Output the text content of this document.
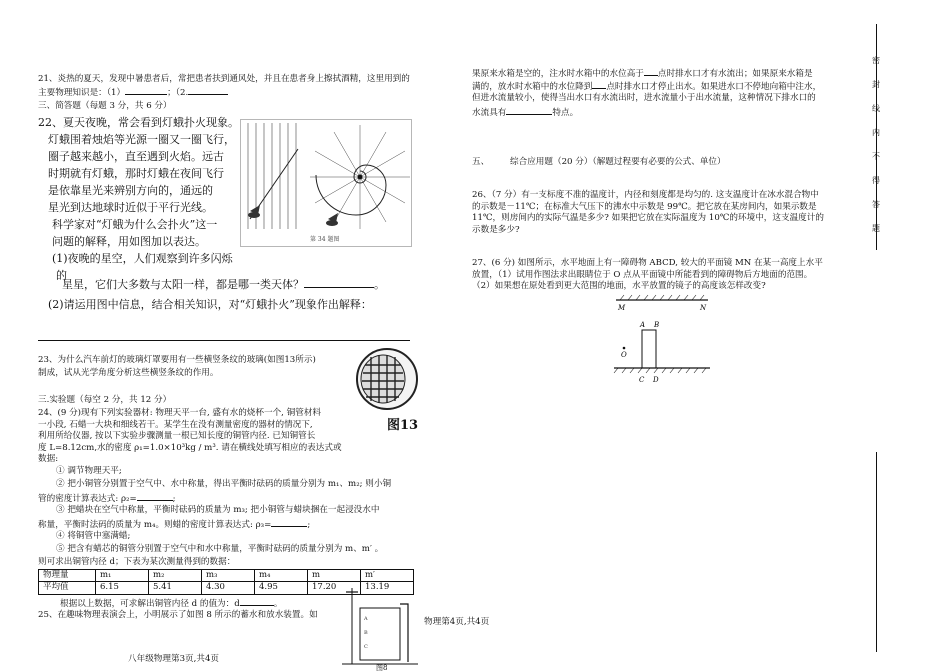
21、炎热的夏天，发现中暑患者后，常把患者扶到通风处，并且在患者身上擦拭酒精，这里用到的主要物理知识是：（1）	；（2.
三、简答题（每题 3 分，共 6 分）
22、夏天夜晚，常会看到灯蛾扑火现象。
灯蛾围着烛焰等光源一圈又一圈飞行，
圈子越来越小，直至遇到火焰。远古
时期就有灯蛾，那时灯蛾在夜间飞行
是依靠星光来辨别方向的，通远的
星光到达地球时近似于平行光线。
科学家对“灯蛾为什么会扑火”这一
问题的解释，用如图加以表达。
(1)夜晚的星空，人们观察到许多闪烁
的
星星，它们大多数与太阳一样，都是哪一类天体？	。
(2)请运用图中信息，结合相关知识，对“灯蛾扑火”现象作出解释：
第 34 题图
23、为什么汽车前灯的玻璃灯罩要用有一些横竖条纹的玻璃(如图13所示)
制成，试从光学角度分析这些横竖条纹的作用。
图13
三.实验题（每空 2 分，共 12 分）
24、(9 分)现有下列实验器材: 物理天平一台, 盛有水的烧杯一个, 铜管材料
一小段, 石蜡一大块和细线若干。某学生在没有测量密度的器材的情况下,
利用所给仪器, 按以下实验步骤测量一根已知长度的铜管内径. 已知铜管长
度 L=8.12cm,水的密度 ρ₁=1.0×10³kg / m³. 请在横线处填写相应的表达式或
数据:
① 调节物理天平;
② 把小铜管分别置于空气中、水中称量，得出平衡时砝码的质量分别为 m₁、m₂; 则小铜
管的密度计算表达式: ρ₂=	;
③ 把蜡块在空气中称量，平衡时砝码的质量为 m₃; 把小铜管与蜡块捆在一起浸没水中
称量，平衡时法码的质量为 m₄。则蜡的密度计算表达式: ρ₃=	;
④ 将铜管中塞满蜡;
⑤ 把含有蜡芯的铜管分别置于空气中和水中称量，平衡时砝码的质量分别为 m、m′ 。
则可求出铜管内径 d；下表为某次测量得到的数据：
物理量	m₁	m₂	m₃	m₄	m	m′
平均值	6.15	5.41	4.30	4.95	17.20	13.19
根据以上数据，可求解出铜管内径 d 的值为：d	。
25、在趣味物理表演会上，小明展示了如图 8 所示的蓄水和放水装置。如	A
B
C
图8
八年级物理第3页,共4页
果原来水箱是空的，注水时水箱中的水位高于 点时排水口才有水流出；如果原来水箱是
满的，放水时水箱中的水位降到 点时排水口才停止出水。如果进水口不停地向箱中注水，
但进水流量较小，使得当出水口有水流出时，进水流量小于出水流量，这种情况下排水口的
水流具有	特点。
五、 综合应用题（20 分）（解题过程要有必要的公式、单位）
26、（7 分）有一支标度不准的温度计，内径和刻度都是均匀的. 这支温度计在冰水混合物中
的示数是－11℃；在标准大气压下的沸水中示数是 99℃。把它放在某房间内，如果示数是
11℃，则房间内的实际气温是多少? 如果把它放在实际温度为 10℃的环境中，这支温度计的
示数是多少?
27、(6 分) 如图所示，水平地面上有一障碍物 ABCD, 较大的平面镜 MN 在某一高度上水平
放置，（1）试用作图法求出眼睛位于 O 点从平面镜中所能看到的障碍物后方地面的范围。
（2）如果想在原处看到更大范围的地面，水平放置的镜子的高度该怎样改变?
M	N
A B
O
C D
物理第4页,共4页
密
封
线
内
不
得
答
题
